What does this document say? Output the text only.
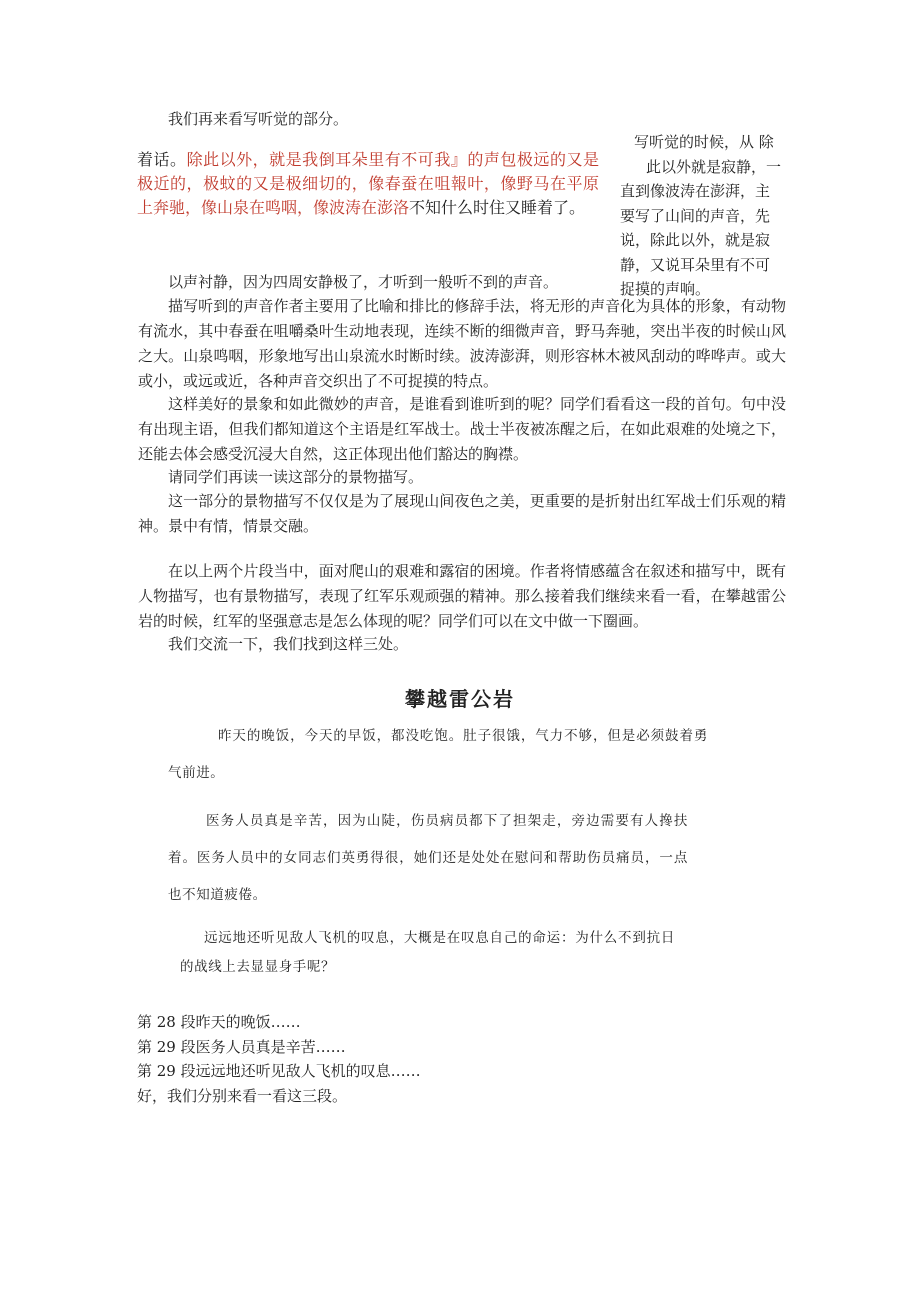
我们再来看写听觉的部分。

着话。除此以外，就是我倒耳朵里有不可我』的声包极远的又是极近的，极蚊的又是极细切的，像春蚕在咀報叶，像野马在平原上奔驰，像山泉在鸣咽，像波涛在澎洛不知什么时住又睡着了。
写听觉的时候，从 除
此以外就是寂静，一
直到像波涛在澎湃，主
要写了山间的声音，先
说，除此以外，就是寂
静，又说耳朵里有不可
捉摸的声响。

以声衬静，因为四周安静极了，才听到一般听不到的声音。

描写听到的声音作者主要用了比喻和排比的修辞手法，将无形的声音化为具体的形象，有动物有流水，其中春蚕在咀嚼桑叶生动地表现，连续不断的细微声音，野马奔驰，突出半夜的时候山风之大。山泉鸣咽，形象地写出山泉流水时断时续。波涛澎湃，则形容林木被风刮动的哗哗声。或大或小，或远或近，各种声音交织出了不可捉摸的特点。

这样美好的景象和如此微妙的声音，是谁看到谁听到的呢？同学们看看这一段的首句。句中没有出现主语，但我们都知道这个主语是红军战士。战士半夜被冻醒之后，在如此艰难的处境之下，还能去体会感受沉浸大自然，这正体现出他们豁达的胸襟。

请同学们再读一读这部分的景物描写。

这一部分的景物描写不仅仅是为了展现山间夜色之美，更重要的是折射出红军战士们乐观的精神。景中有情，情景交融。

在以上两个片段当中，面对爬山的艰难和露宿的困境。作者将情感蕴含在叙述和描写中，既有人物描写，也有景物描写，表现了红军乐观顽强的精神。那么接着我们继续来看一看，在攀越雷公岩的时候，红军的坚强意志是怎么体现的呢？同学们可以在文中做一下圈画。

我们交流一下，我们找到这样三处。

攀越雷公岩
昨天的晚饭，今天的早饭，都没吃饱。肚子很饿，气力不够，但是必须鼓着勇气前进。
医务人员真是辛苦，因为山陡，伤员病员都下了担架走，旁边需要有人搀扶着。医务人员中的女同志们英勇得很，她们还是处处在慰问和帮助伤员痛员，一点也不知道疲倦。
远远地还听见敌人飞机的叹息，大概是在叹息自己的命运：为什么不到抗日的战线上去显显身手呢？
第 28 段昨天的晚饭……
第 29 段医务人员真是辛苦……
第 29 段远远地还听见敌人飞机的叹息……
好，我们分别来看一看这三段。
